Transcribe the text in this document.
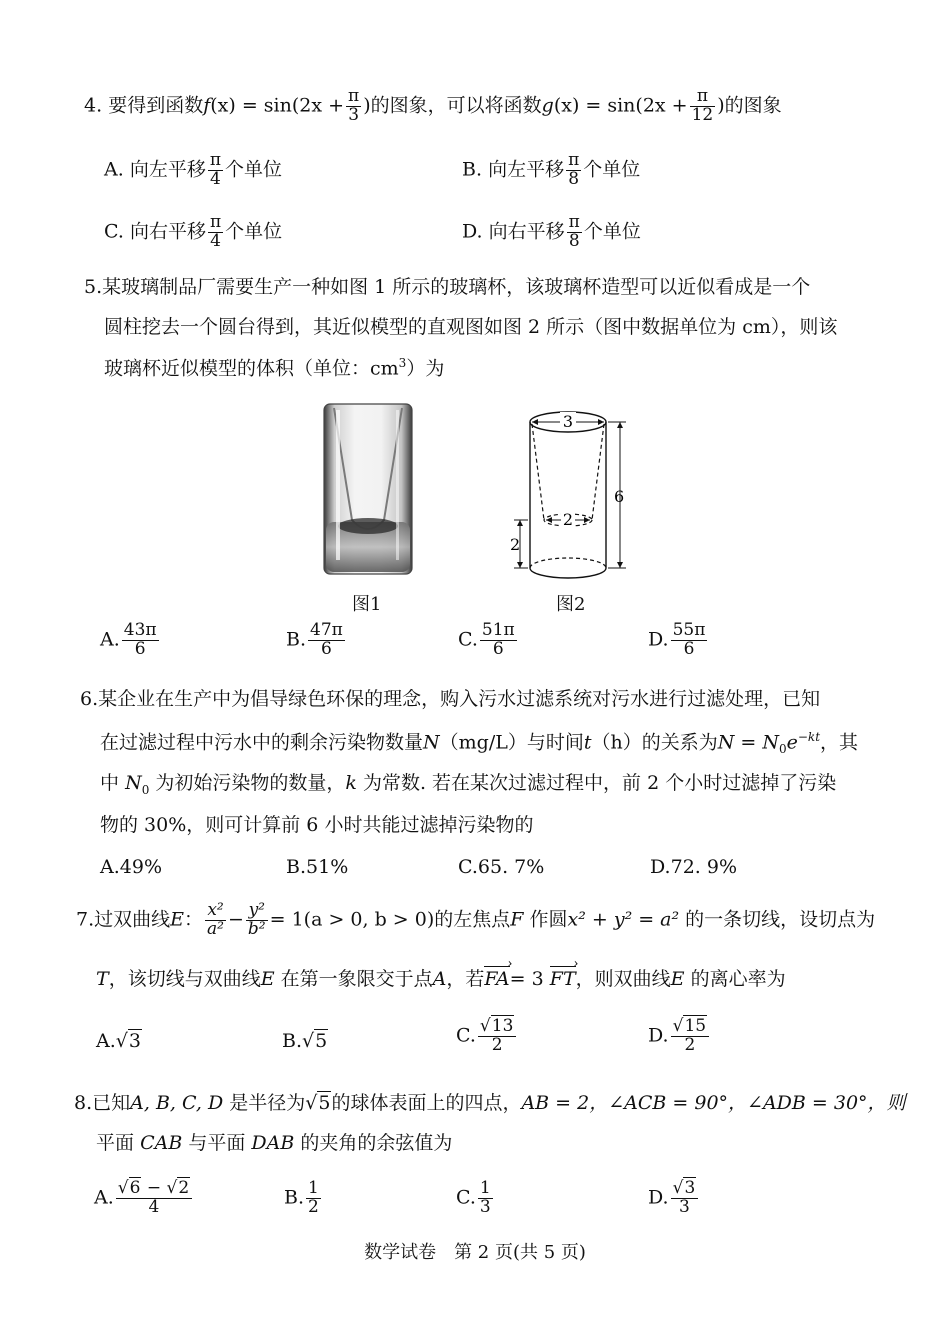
4. 要得到函数$f(x) = \sin(2x + \frac{\pi}{3}$ )的图象，可以将函数$g(x) = \sin(2x + \frac{\pi}{12}$ )的图象
A. 向左平移 $\frac{\pi}{4}$ 个单位	B. 向左平移 $\frac{\pi}{8}$ 个单位
C. 向右平移 $\frac{\pi}{4}$ 个单位	D. 向右平移 $\frac{\pi}{8}$ 个单位
5.某玻璃制品厂需要生产一种如图 1 所示的玻璃杯，该玻璃杯造型可以近似看成是一个
圆柱挖去一个圆台得到，其近似模型的直观图如图 2 所示（图中数据单位为 cm），则该
玻璃杯近似模型的体积（单位：$cm^3$）为
图1
3
2
6
2
图2
A. $\frac{43\pi}{6}$	B. $\frac{47\pi}{6}$	C. $\frac{51\pi}{6}$	D. $\frac{55\pi}{6}$
6.某企业在生产中为倡导绿色环保的理念，购入污水过滤系统对污水进行过滤处理，已知
在过滤过程中污水中的剩余污染物数量N（mg/L）与时间t（h）的关系为$N = N_0e^{-kt}$，其
中 $N_0$ 为初始污染物的数量，k 为常数. 若在某次过滤过程中，前 2 个小时过滤掉了污染
物的 30%，则可计算前 6 小时共能过滤掉污染物的
A.49%	B.51%	C.65. 7%	D.72. 9%
7.过双曲线E： $\frac{\text{x²}}{\text{a²}} - \frac{\text{y²}}{\text{b²}} = 1(a > 0$, b > 0)的左焦点F 作圆x² + y² = a² 的一条切线，设切点为
T，该切线与双曲线E 在第一象限交于点A，若FA ›= 3 FT ›，则双曲线E 的离心率为
A.√3	B.√5	C. $\frac{√13}{2}$	D. $\frac{√15}{2}$
8.已知A, B, C, D 是半径为√5的球体表面上的四点，AB = 2，∠ACB = 90°，∠ADB = 30°，则
平面 CAB 与平面 DAB 的夹角的余弦值为
A. $\frac{√6 - √2}{4}$	B. $\frac{1}{2}$	C. $\frac{1}{3}$	D. $\frac{√3}{3}$
数学试卷　第 2 页(共 5 页)
